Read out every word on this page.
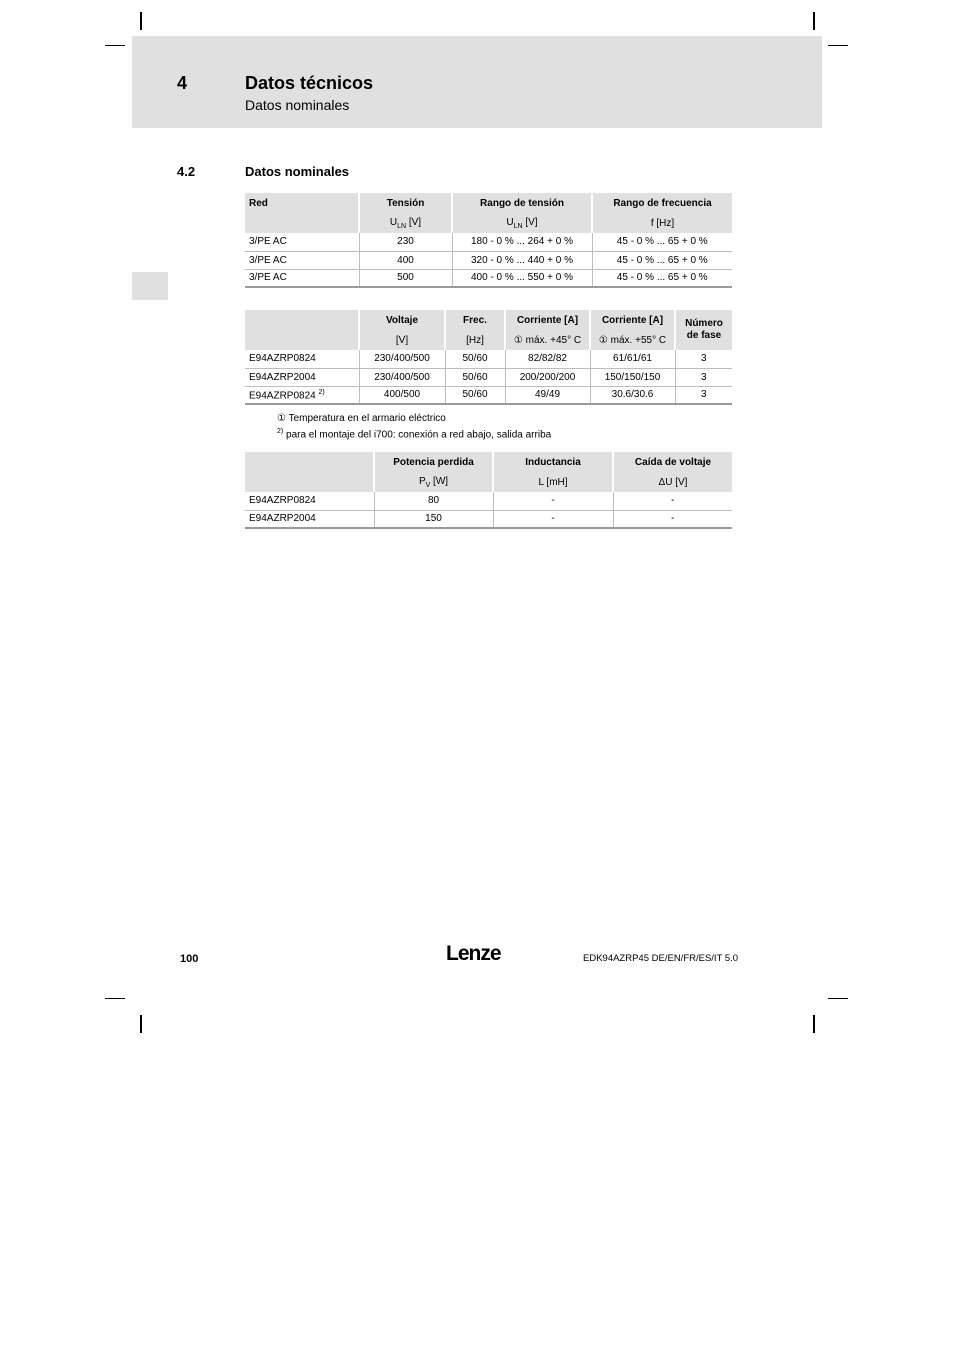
4	Datos técnicos
Datos nominales
4.2	Datos nominales
Red	Tensión	Rango de tensión	Rango de frecuencia
	$U_{LN}$ [V]	$U_{LN}$ [V]	f [Hz]
3/PE AC	230	180 - 0 % ... 264 + 0 %	45 - 0 % ... 65 + 0 %
3/PE AC	400	320 - 0 % ... 440 + 0 %	45 - 0 % ... 65 + 0 %
3/PE AC	500	400 - 0 % ... 550 + 0 %	45 - 0 % ... 65 + 0 %
	Voltaje	Frec.	Corriente [A]	Corriente [A]	Número de fase
	[V]	[Hz]	① máx. +45° C	① máx. +55° C	
E94AZRP0824	230/400/500	50/60	82/82/82	61/61/61	3
E94AZRP2004	230/400/500	50/60	200/200/200	150/150/150	3
E94AZRP0824 $^{2)}$	400/500	50/60	49/49	30.6/30.6	3
① Temperatura en el armario eléctrico
$^{2)}$ para el montaje del i700: conexión a red abajo, salida arriba
	Potencia perdida	Inductancia	Caída de voltaje
	$P_V$ [W]	L [mH]	ΔU [V]
E94AZRP0824	80	-	-
E94AZRP2004	150	-	-
100	Lenze	EDK94AZRP45 DE/EN/FR/ES/IT 5.0
